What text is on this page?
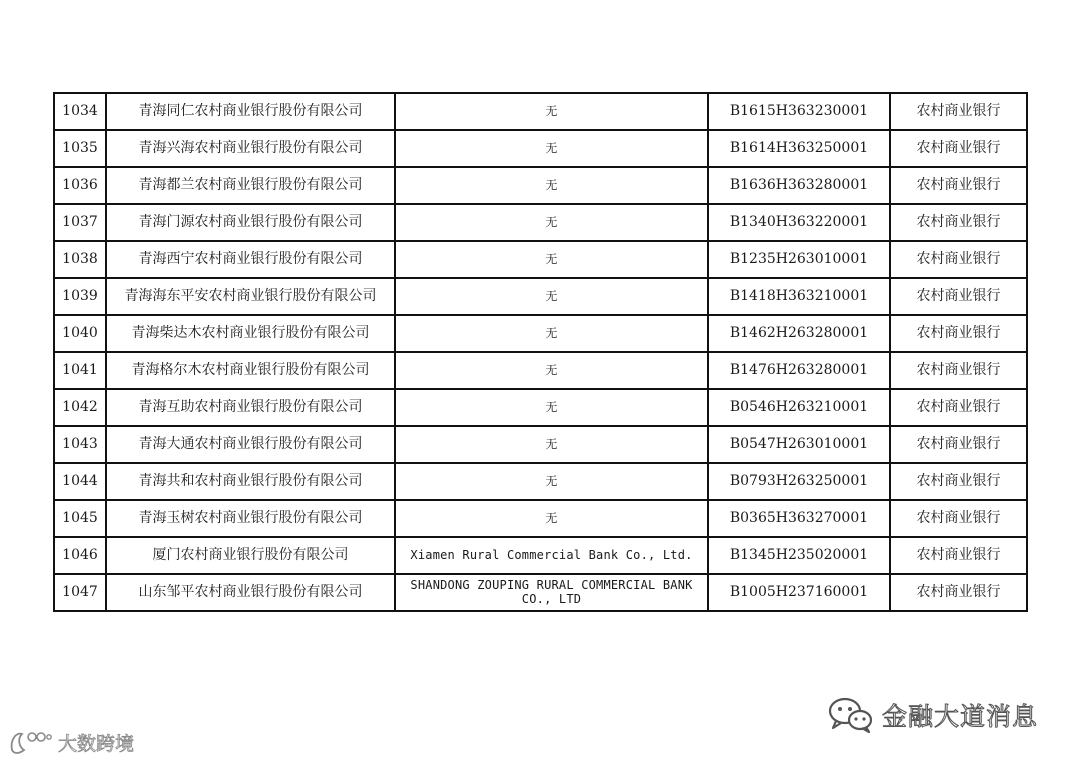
1034	青海同仁农村商业银行股份有限公司	无	B1615H363230001	农村商业银行
1035	青海兴海农村商业银行股份有限公司	无	B1614H363250001	农村商业银行
1036	青海都兰农村商业银行股份有限公司	无	B1636H363280001	农村商业银行
1037	青海门源农村商业银行股份有限公司	无	B1340H363220001	农村商业银行
1038	青海西宁农村商业银行股份有限公司	无	B1235H263010001	农村商业银行
1039	青海海东平安农村商业银行股份有限公司	无	B1418H363210001	农村商业银行
1040	青海柴达木农村商业银行股份有限公司	无	B1462H263280001	农村商业银行
1041	青海格尔木农村商业银行股份有限公司	无	B1476H263280001	农村商业银行
1042	青海互助农村商业银行股份有限公司	无	B0546H263210001	农村商业银行
1043	青海大通农村商业银行股份有限公司	无	B0547H263010001	农村商业银行
1044	青海共和农村商业银行股份有限公司	无	B0793H263250001	农村商业银行
1045	青海玉树农村商业银行股份有限公司	无	B0365H363270001	农村商业银行
1046	厦门农村商业银行股份有限公司	Xiamen Rural Commercial Bank Co., Ltd.	B1345H235020001	农村商业银行
1047	山东邹平农村商业银行股份有限公司	SHANDONG ZOUPING RURAL COMMERCIAL BANK CO., LTD	B1005H237160001	农村商业银行
金融大道消息
大数跨境
